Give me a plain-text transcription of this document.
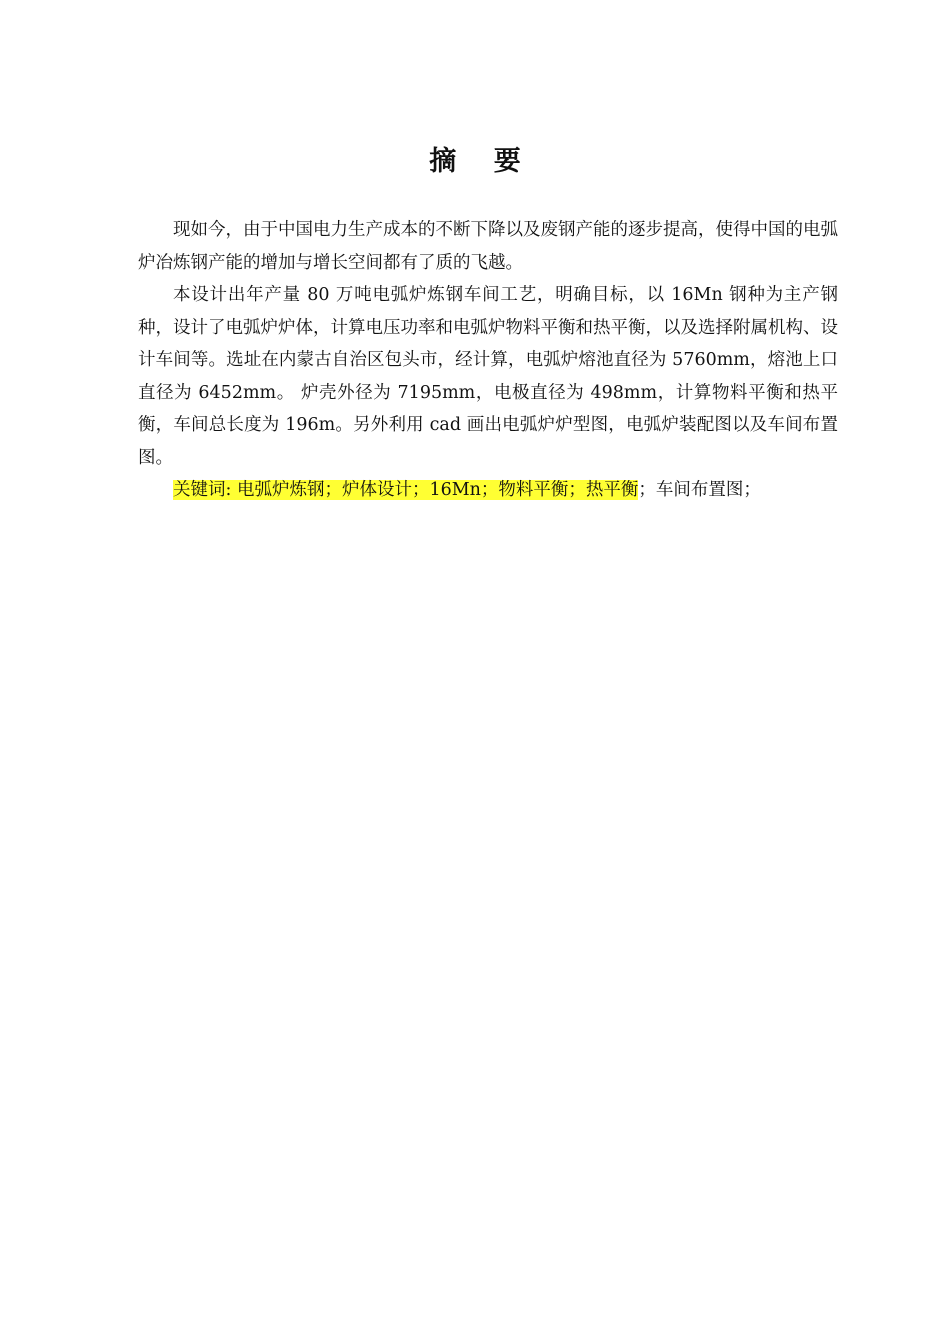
摘 要

现如今，由于中国电力生产成本的不断下降以及废钢产能的逐步提高，使得中国的电弧炉冶炼钢产能的增加与增长空间都有了质的飞越。

本设计出年产量 80 万吨电弧炉炼钢车间工艺，明确目标，以 16Mn 钢种为主产钢种，设计了电弧炉炉体，计算电压功率和电弧炉物料平衡和热平衡，以及选择附属机构、设计车间等。选址在内蒙古自治区包头市，经计算，电弧炉熔池直径为 5760mm，熔池上口直径为 6452mm。 炉壳外径为 7195mm，电极直径为 498mm，计算物料平衡和热平衡，车间总长度为 196m。另外利用 cad 画出电弧炉炉型图，电弧炉装配图以及车间布置图。

关键词: 电弧炉炼钢；炉体设计；16Mn；物料平衡；热平衡；车间布置图；
